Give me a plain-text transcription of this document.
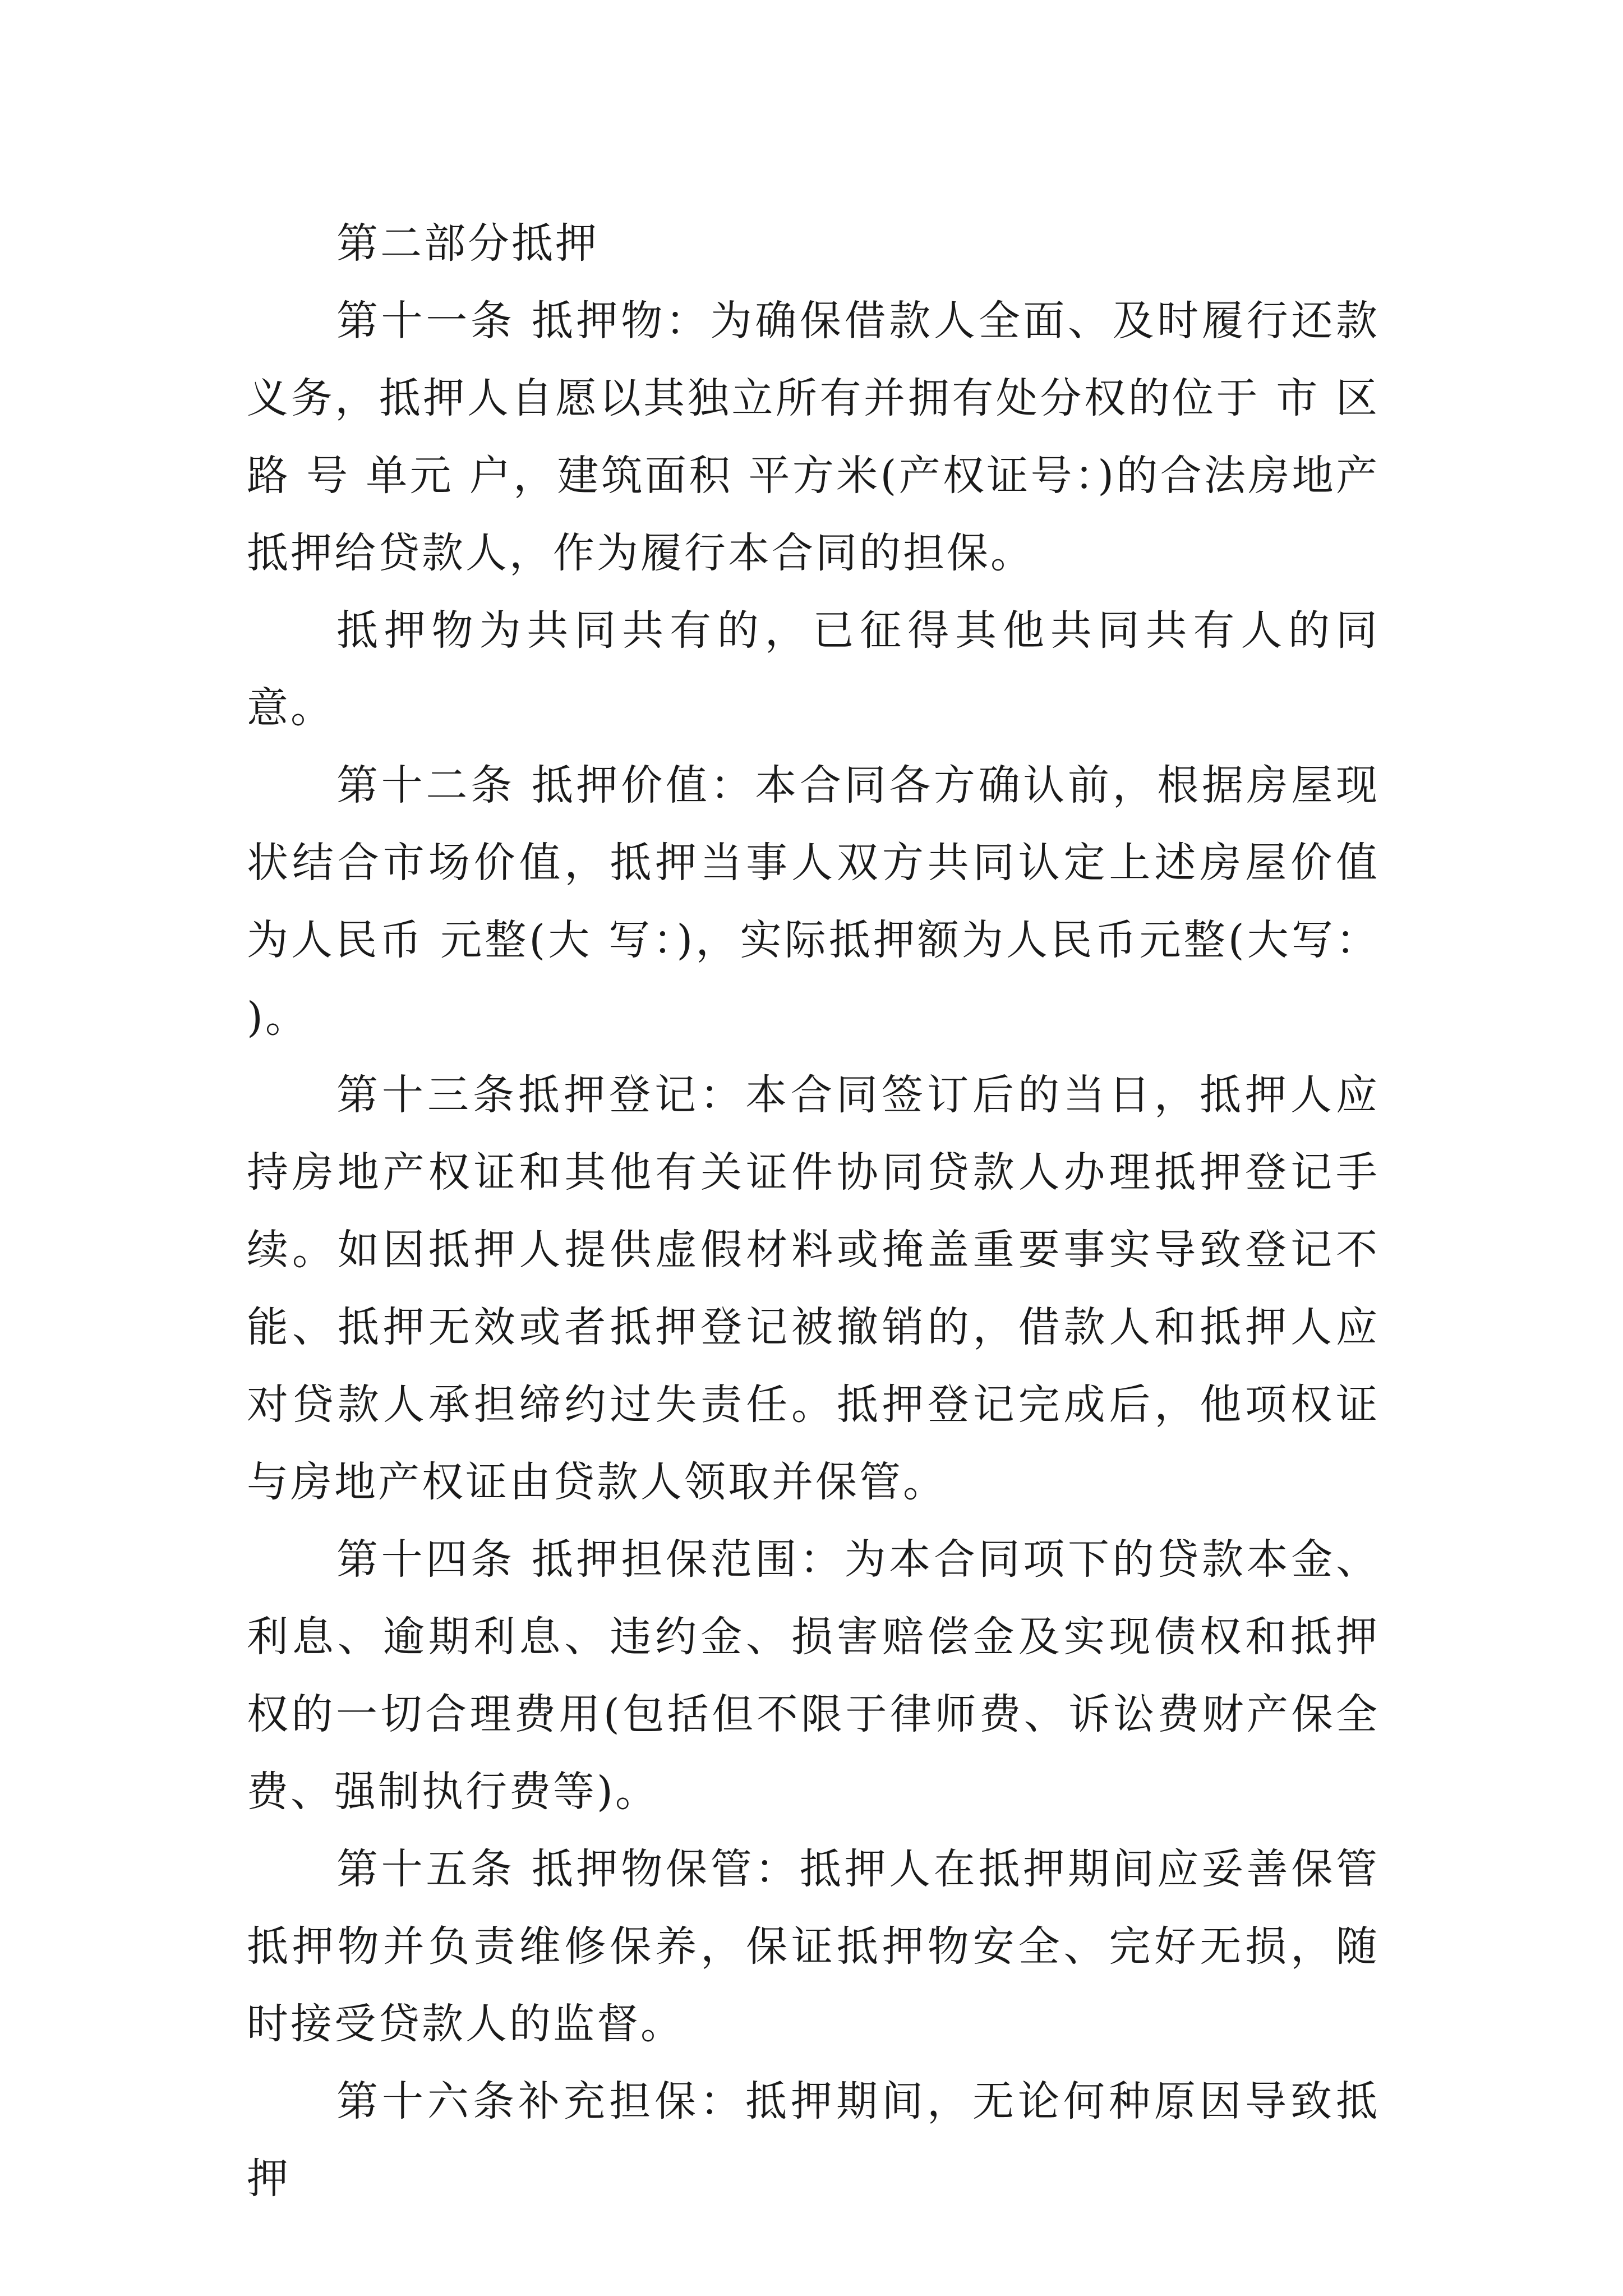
第二部分抵押

第十一条 抵押物：为确保借款人全面、及时履行还款义务，抵押人自愿以其独立所有并拥有处分权的位于 市 区 路 号 单元 户，建筑面积 平方米(产权证号：)的合法房地产抵押给贷款人，作为履行本合同的担保。

抵押物为共同共有的，已征得其他共同共有人的同意。

第十二条 抵押价值：本合同各方确认前，根据房屋现状结合市场价值，抵押当事人双方共同认定上述房屋价值为人民币 元整(大 写：)，实际抵押额为人民币元整(大写： )。

第十三条抵押登记：本合同签订后的当日，抵押人应持房地产权证和其他有关证件协同贷款人办理抵押登记手续。如因抵押人提供虚假材料或掩盖重要事实导致登记不能、抵押无效或者抵押登记被撤销的，借款人和抵押人应对贷款人承担缔约过失责任。抵押登记完成后，他项权证与房地产权证由贷款人领取并保管。

第十四条 抵押担保范围：为本合同项下的贷款本金、利息、逾期利息、违约金、损害赔偿金及实现债权和抵押权的一切合理费用(包括但不限于律师费、诉讼费财产保全费、强制执行费等)。

第十五条 抵押物保管：抵押人在抵押期间应妥善保管抵押物并负责维修保养，保证抵押物安全、完好无损，随时接受贷款人的监督。

第十六条补充担保：抵押期间，无论何种原因导致抵押
